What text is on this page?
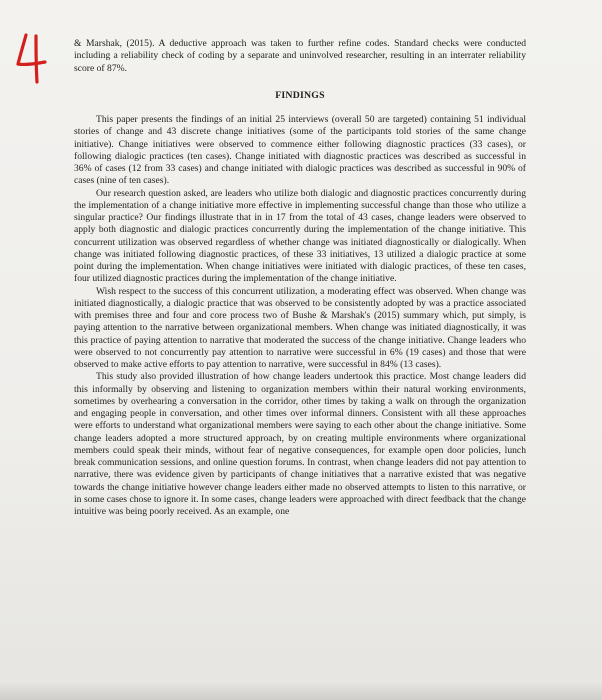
& Marshak, (2015). A deductive approach was taken to further refine codes. Standard checks were conducted including a reliability check of coding by a separate and uninvolved researcher, resulting in an interrater reliability score of 87%.

FINDINGS

This paper presents the findings of an initial 25 interviews (overall 50 are targeted) containing 51 individual stories of change and 43 discrete change initiatives (some of the participants told stories of the same change initiative). Change initiatives were observed to commence either following diagnostic practices (33 cases), or following dialogic practices (ten cases). Change initiated with diagnostic practices was described as successful in 36% of cases (12 from 33 cases) and change initiated with dialogic practices was described as successful in 90% of cases (nine of ten cases).

Our research question asked, are leaders who utilize both dialogic and diagnostic practices concurrently during the implementation of a change initiative more effective in implementing successful change than those who utilize a singular practice? Our findings illustrate that in in 17 from the total of 43 cases, change leaders were observed to apply both diagnostic and dialogic practices concurrently during the implementation of the change initiative. This concurrent utilization was observed regardless of whether change was initiated diagnostically or dialogically. When change was initiated following diagnostic practices, of these 33 initiatives, 13 utilized a dialogic practice at some point during the implementation. When change initiatives were initiated with dialogic practices, of these ten cases, four utilized diagnostic practices during the implementation of the change initiative.

Wish respect to the success of this concurrent utilization, a moderating effect was observed. When change was initiated diagnostically, a dialogic practice that was observed to be consistently adopted by was a practice associated with premises three and four and core process two of Bushe & Marshak's (2015) summary which, put simply, is paying attention to the narrative between organizational members. When change was initiated diagnostically, it was this practice of paying attention to narrative that moderated the success of the change initiative. Change leaders who were observed to not concurrently pay attention to narrative were successful in 6% (19 cases) and those that were observed to make active efforts to pay attention to narrative, were successful in 84% (13 cases).

This study also provided illustration of how change leaders undertook this practice. Most change leaders did this informally by observing and listening to organization members within their natural working environments, sometimes by overhearing a conversation in the corridor, other times by taking a walk on through the organization and engaging people in conversation, and other times over informal dinners. Consistent with all these approaches were efforts to understand what organizational members were saying to each other about the change initiative. Some change leaders adopted a more structured approach, by on creating multiple environments where organizational members could speak their minds, without fear of negative consequences, for example open door policies, lunch break communication sessions, and online question forums. In contrast, when change leaders did not pay attention to narrative, there was evidence given by participants of change initiatives that a narrative existed that was negative towards the change initiative however change leaders either made no observed attempts to listen to this narrative, or in some cases chose to ignore it. In some cases, change leaders were approached with direct feedback that the change intuitive was being poorly received. As an example, one
